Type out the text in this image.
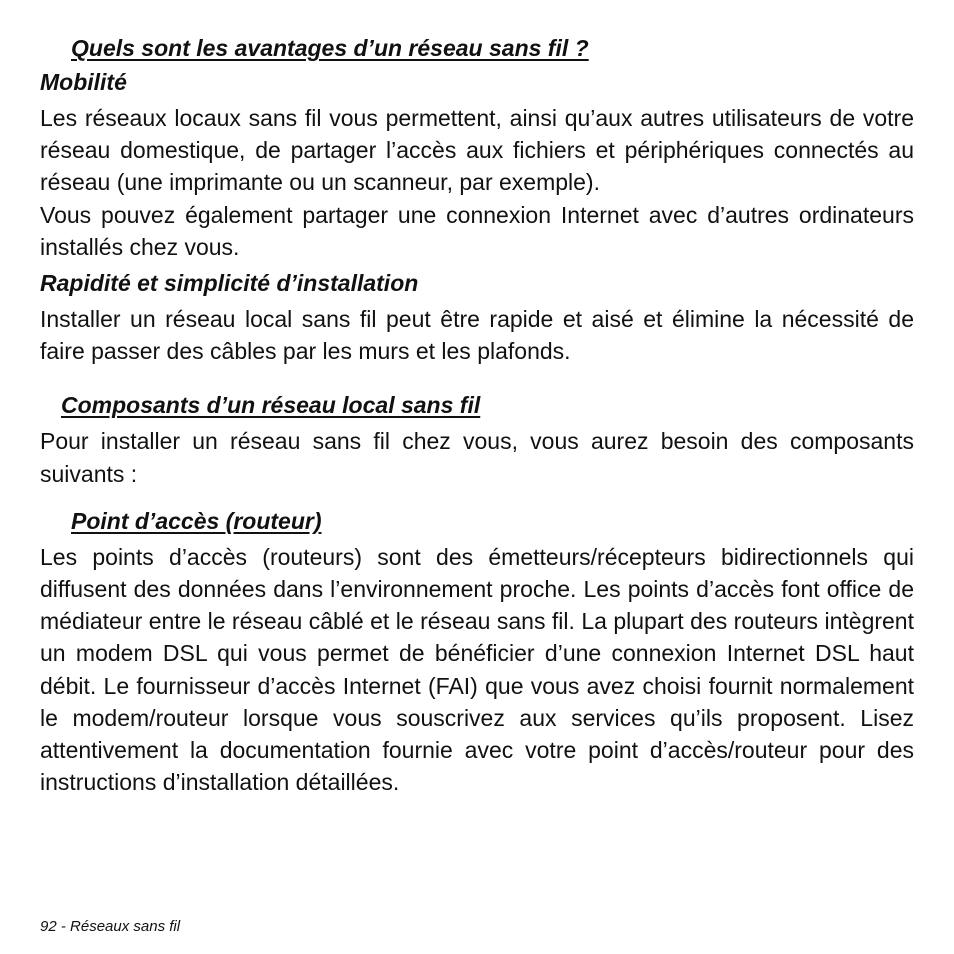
Quels sont les avantages d’un réseau sans fil ?
Mobilité

Les réseaux locaux sans fil vous permettent, ainsi qu’aux autres utilisateurs de votre réseau domestique, de partager l’accès aux fichiers et périphériques connectés au réseau (une imprimante ou un scanneur, par exemple).

Vous pouvez également partager une connexion Internet avec d’autres ordinateurs installés chez vous.

Rapidité et simplicité d’installation

Installer un réseau local sans fil peut être rapide et aisé et élimine la nécessité de faire passer des câbles par les murs et les plafonds.

Composants d’un réseau local sans fil

Pour installer un réseau sans fil chez vous, vous aurez besoin des composants suivants :

Point d’accès (routeur)

Les points d’accès (routeurs) sont des émetteurs/récepteurs bidirectionnels qui diffusent des données dans l’environnement proche. Les points d’accès font office de médiateur entre le réseau câblé et le réseau sans fil. La plupart des routeurs intègrent un modem DSL qui vous permet de bénéficier d’une connexion Internet DSL haut débit. Le fournisseur d’accès Internet (FAI) que vous avez choisi fournit normalement le modem/routeur lorsque vous souscrivez aux services qu’ils proposent. Lisez attentivement la documentation fournie avec votre point d’accès/routeur pour des instructions d’installation détaillées.

92 - Réseaux sans fil
